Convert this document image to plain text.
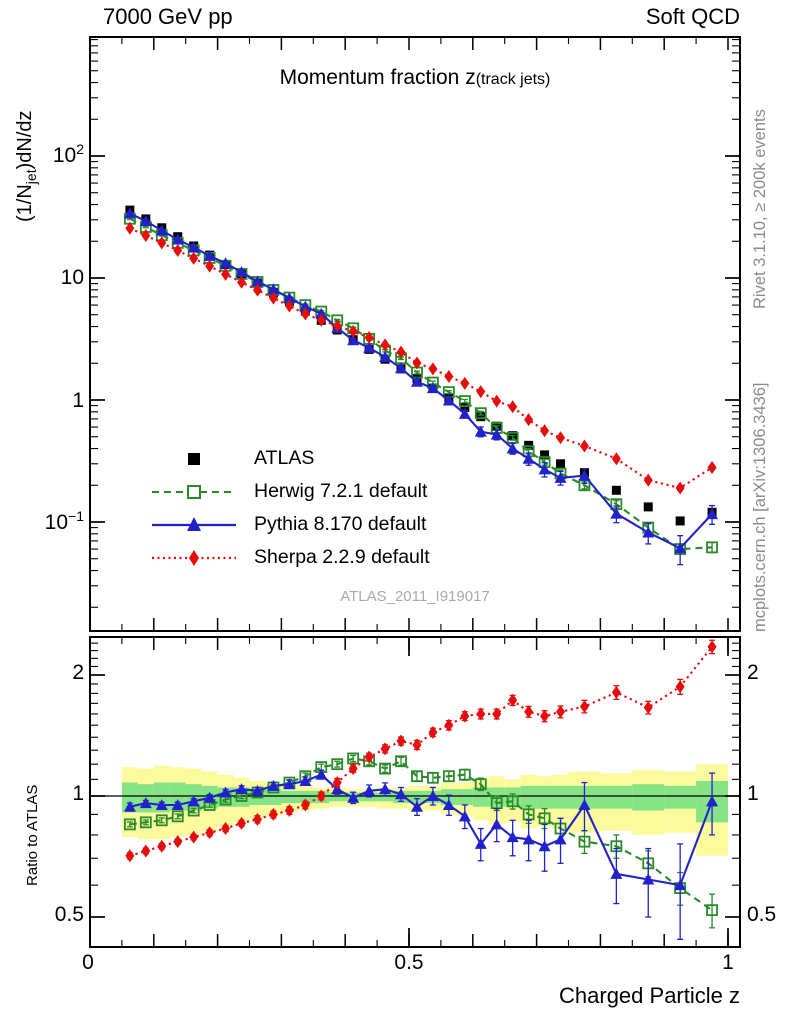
7000 GeV pp	Soft QCD
Momentum fraction z(track jets)
$(1/N_{jet})dN/dz$
Ratio to ATLAS
Rivet 3.1.10, ≥ 200k events
mcplots.cern.ch [arXiv:1306.3436]
ATLAS_2011_I919017
Charged Particle z
$10^2$
10
1
$10^{-1}$
2
1
0.5
2
1
0.5
0	0.5	1
ATLAS
Herwig 7.2.1 default
Pythia 8.170 default
Sherpa 2.2.9 default
